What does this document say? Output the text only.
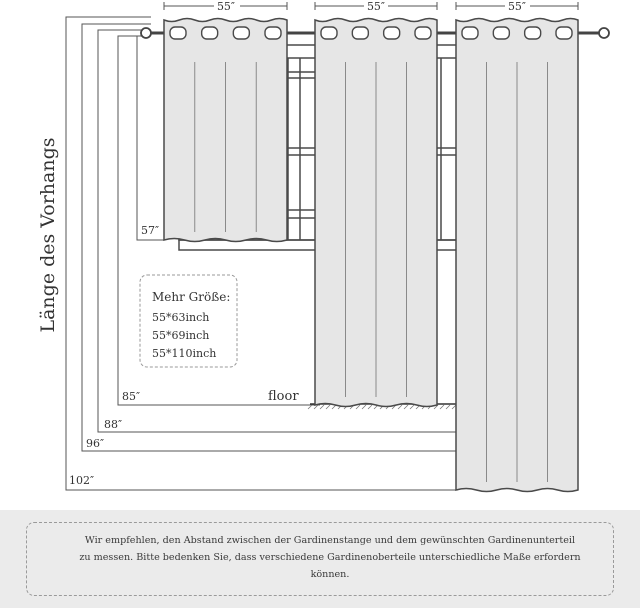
Länge des Vorhangs
floor
55″	55″	55″
57″
85″
88″
96″
102″
Mehr Größe:
55*63inch
55*69inch
55*110inch
Wir empfehlen, den Abstand zwischen der Gardinenstange und dem gewünschten Gardinenunterteil
zu messen. Bitte bedenken Sie, dass verschiedene Gardinenoberteile unterschiedliche Maße erfordern
können.
